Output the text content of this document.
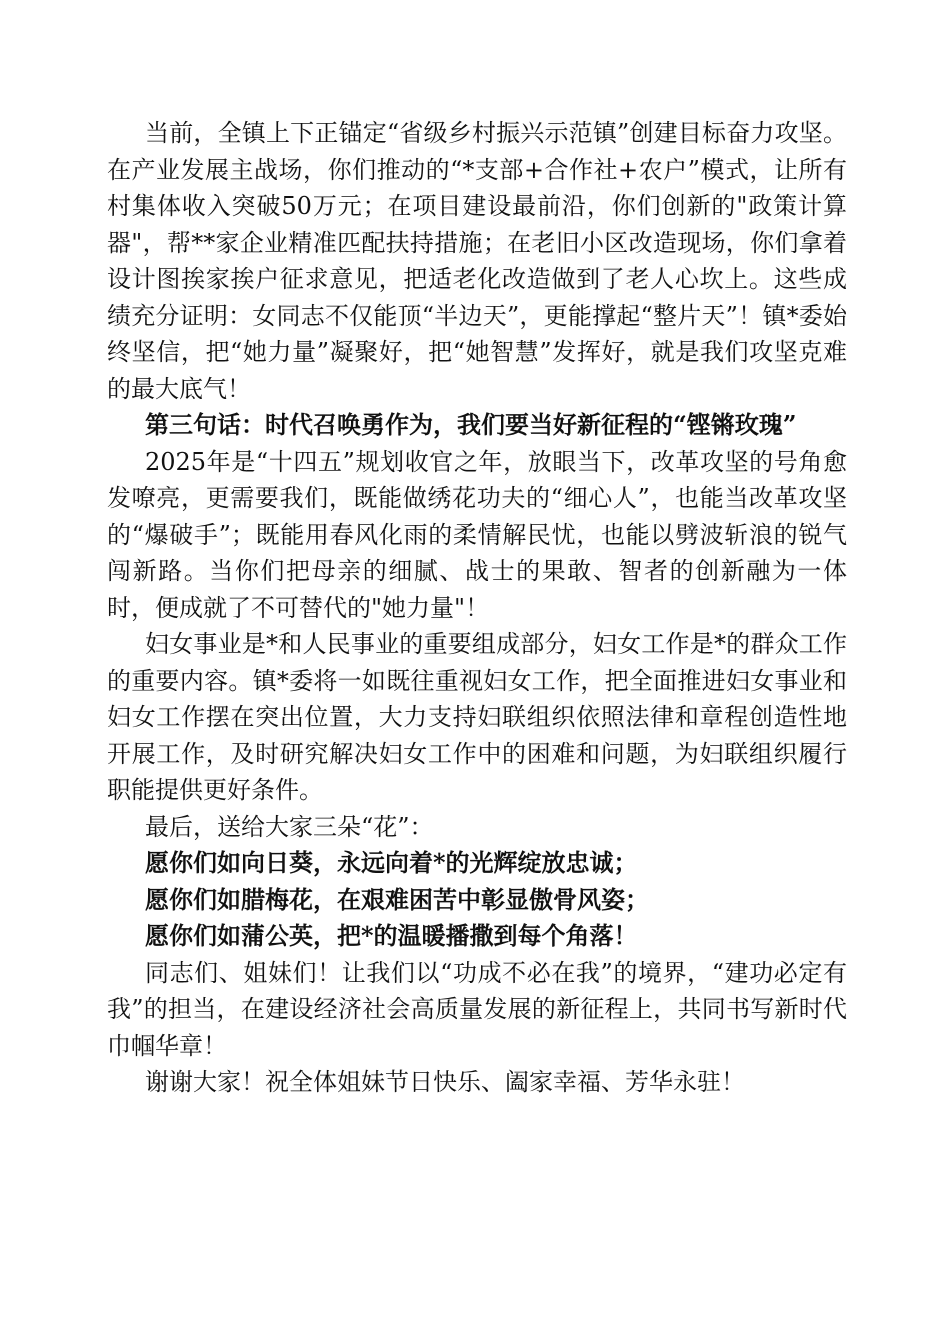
当前，全镇上下正锚定“省级乡村振兴示范镇”创建目标奋力攻坚。在产业发展主战场，你们推动的“*支部+合作社+农户”模式，让所有村集体收入突破50万元；在项目建设最前沿，你们创新的"政策计算器"，帮**家企业精准匹配扶持措施；在老旧小区改造现场，你们拿着设计图挨家挨户征求意见，把适老化改造做到了老人心坎上。这些成绩充分证明：女同志不仅能顶“半边天”，更能撑起“整片天”！镇*委始终坚信，把“她力量”凝聚好，把“她智慧”发挥好，就是我们攻坚克难的最大底气！

第三句话：时代召唤勇作为，我们要当好新征程的“铿锵玫瑰”

2025年是“十四五”规划收官之年，放眼当下，改革攻坚的号角愈发嘹亮，更需要我们，既能做绣花功夫的“细心人”，也能当改革攻坚的“爆破手”；既能用春风化雨的柔情解民忧，也能以劈波斩浪的锐气闯新路。当你们把母亲的细腻、战士的果敢、智者的创新融为一体时，便成就了不可替代的"她力量"！

妇女事业是*和人民事业的重要组成部分，妇女工作是*的群众工作的重要内容。镇*委将一如既往重视妇女工作，把全面推进妇女事业和妇女工作摆在突出位置，大力支持妇联组织依照法律和章程创造性地开展工作，及时研究解决妇女工作中的困难和问题，为妇联组织履行职能提供更好条件。

最后，送给大家三朵“花”：

愿你们如向日葵，永远向着*的光辉绽放忠诚；

愿你们如腊梅花，在艰难困苦中彰显傲骨风姿；

愿你们如蒲公英，把*的温暖播撒到每个角落！

同志们、姐妹们！让我们以“功成不必在我”的境界，“建功必定有我”的担当，在建设经济社会高质量发展的新征程上，共同书写新时代巾帼华章！

谢谢大家！祝全体姐妹节日快乐、阖家幸福、芳华永驻！
